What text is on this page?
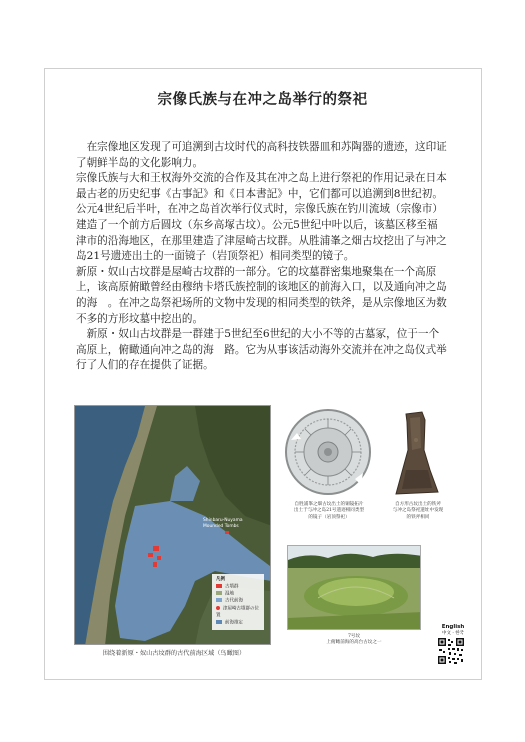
宗像氏族与在冲之岛举行的祭祀

　在宗像地区发现了可追溯到古坟时代的高科技铁器皿和苏陶器的遗迹，这印证了朝鲜半岛的文化影响力。

宗像氏族与大和王权海外交流的合作及其在冲之岛上进行祭祀的作用记录在日本最古老的历史纪事《古事記》和《日本書記》中，它们都可以追溯到8世纪初。

公元4世纪后半叶，在冲之岛首次举行仪式时，宗像氏族在钓川流域（宗像市）建造了一个前方后圆坟（东乡高塚古坟）。公元5世纪中叶以后，该墓区移至福津市的沿海地区，在那里建造了津屋崎古坟群。从胜浦峯之畑古坟挖出了与冲之岛21号遗迹出土的一面镜子（岩顶祭祀）相同类型的镜子。

新原・奴山古坟群是屋崎古坟群的一部分。它的坟墓群密集地聚集在一个高原上，该高原俯瞰曾经由穆纳卡塔氏族控制的该地区的前海入口，以及通向冲之岛的海　。在冲之岛祭祀场所的文物中发现的相同类型的铁斧，是从宗像地区为数不多的方形坟墓中挖出的。

　新原・奴山古坟群是一群建于5世纪至6世纪的大小不等的古墓冢，位于一个高原上，俯瞰通向冲之岛的海　路。它为从事该活动海外交流并在冲之岛仪式举行了人们的存在提供了证据。

Shinbaru-Nuyama Mounded Tombs
凡例
古墳群
湿地
古代前海
津屋崎古墳群の位置
前海推定
围绕着新原・奴山古坟群的古代前海区域（鸟瞰图）
自胜浦峯之畑古坟出土的铜镜拓片
出土于与冲之岛21号遗迹相同类型
的镜子（岩顶祭祀）
自方形古坟出土的铁斧
与冲之岛祭祀遗址中发现
的铁斧相同
7号坟
上俯瞰前海的高台古坟之一
English
中文 · 한국
